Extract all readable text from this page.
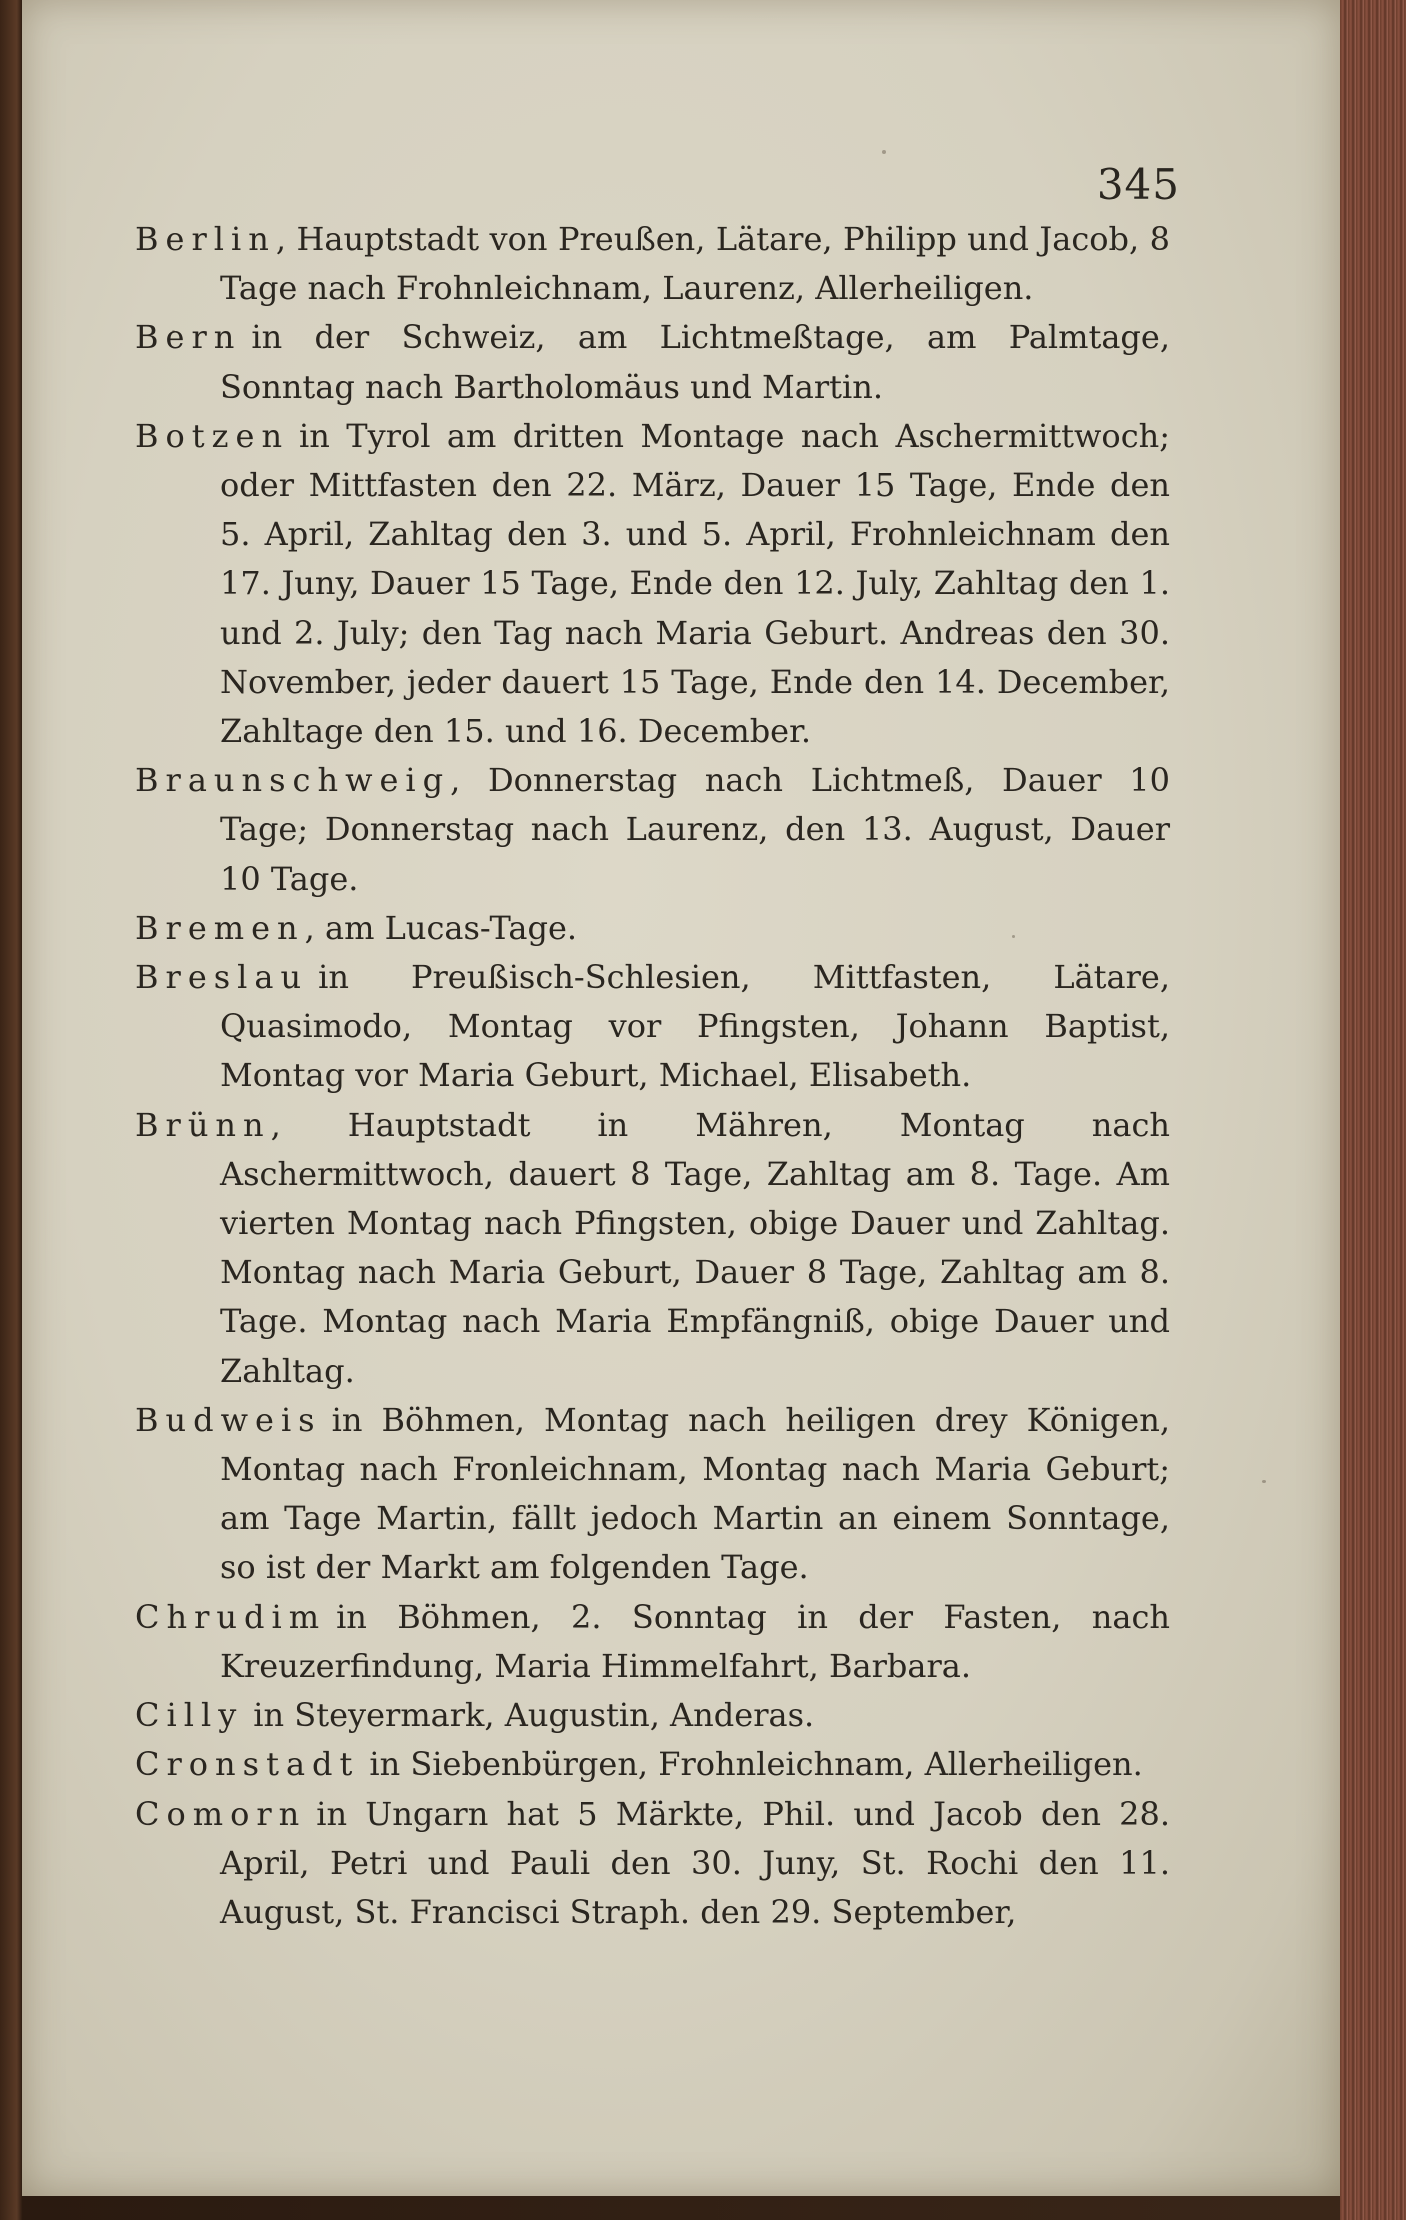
345

Berlin, Hauptstadt von Preußen, Lätare, Philipp und Jacob, 8 Tage nach Frohnleichnam, Laurenz, Allerheiligen.

Bern in der Schweiz, am Lichtmeßtage, am Palmtage, Sonntag nach Bartholomäus und Martin.

Botzen in Tyrol am dritten Montage nach Aschermittwoch; oder Mittfasten den 22. März, Dauer 15 Tage, Ende den 5. April, Zahltag den 3. und 5. April, Frohnleichnam den 17. Juny, Dauer 15 Tage, Ende den 12. July, Zahltag den 1. und 2. July; den Tag nach Maria Geburt. Andreas den 30. November, jeder dauert 15 Tage, Ende den 14. December, Zahltage den 15. und 16. December.

Braunschweig, Donnerstag nach Lichtmeß, Dauer 10 Tage; Donnerstag nach Laurenz, den 13. August, Dauer 10 Tage.

Bremen, am Lucas-Tage.

Breslau in Preußisch-Schlesien, Mittfasten, Lätare, Quasimodo, Montag vor Pfingsten, Johann Baptist, Montag vor Maria Geburt, Michael, Elisabeth.

Brünn, Hauptstadt in Mähren, Montag nach Aschermittwoch, dauert 8 Tage, Zahltag am 8. Tage. Am vierten Montag nach Pfingsten, obige Dauer und Zahltag. Montag nach Maria Geburt, Dauer 8 Tage, Zahltag am 8. Tage. Montag nach Maria Empfängniß, obige Dauer und Zahltag.

Budweis in Böhmen, Montag nach heiligen drey Königen, Montag nach Fronleichnam, Montag nach Maria Geburt; am Tage Martin, fällt jedoch Martin an einem Sonntage, so ist der Markt am folgenden Tage.

Chrudim in Böhmen, 2. Sonntag in der Fasten, nach Kreuzerfindung, Maria Himmelfahrt, Barbara.

Cilly in Steyermark, Augustin, Anderas.

Cronstadt in Siebenbürgen, Frohnleichnam, Allerheiligen.

Comorn in Ungarn hat 5 Märkte, Phil. und Jacob den 28. April, Petri und Pauli den 30. Juny, St. Rochi den 11. August, St. Francisci Straph. den 29. September,
